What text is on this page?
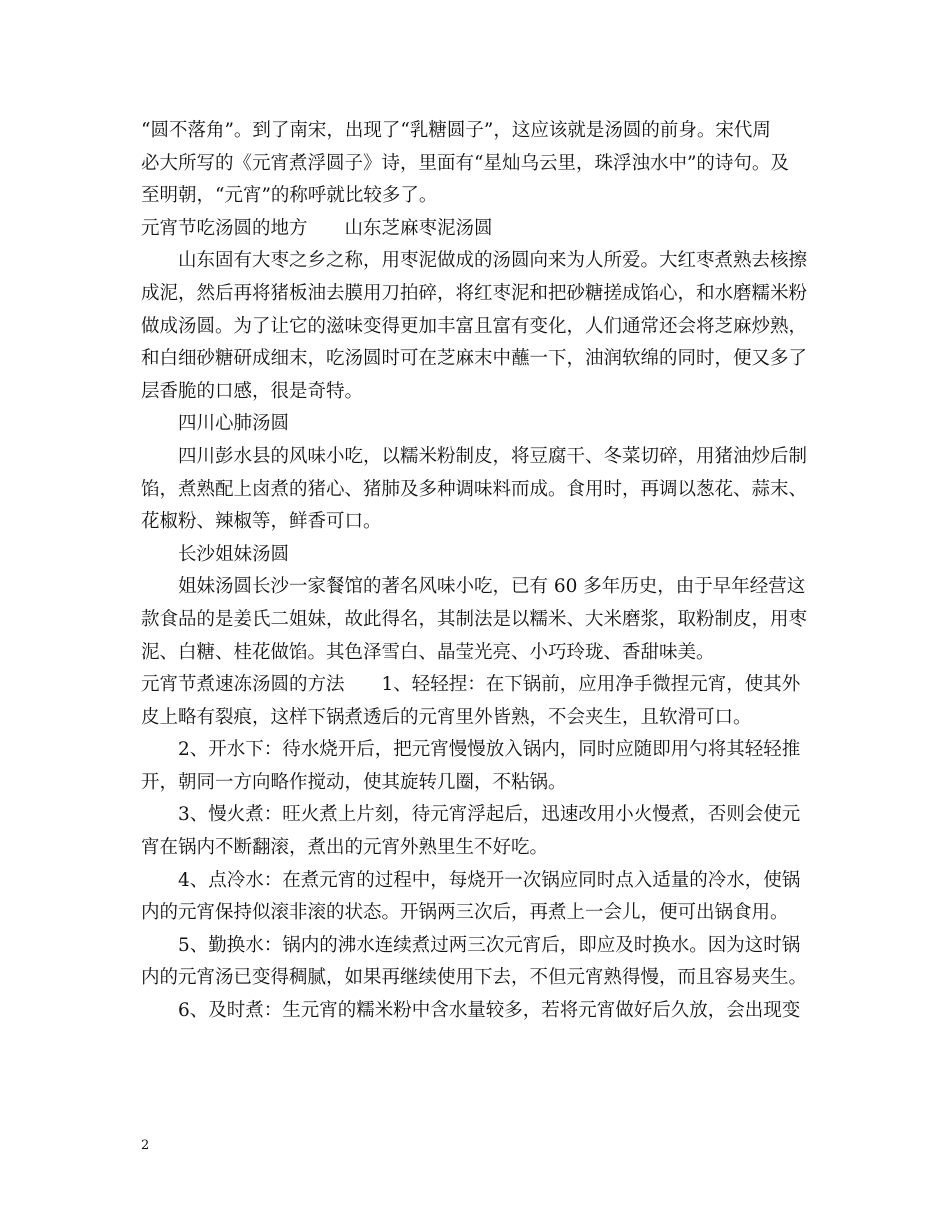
“圆不落角”。到了南宋，出现了“乳糖圆子”，这应该就是汤圆的前身。宋代周

必大所写的《元宵煮浮圆子》诗，里面有“星灿乌云里，珠浮浊水中”的诗句。及

至明朝，“元宵”的称呼就比较多了。

元宵节吃汤圆的地方　　山东芝麻枣泥汤圆

山东固有大枣之乡之称，用枣泥做成的汤圆向来为人所爱。大红枣煮熟去核擦

成泥，然后再将猪板油去膜用刀拍碎，将红枣泥和把砂糖搓成馅心，和水磨糯米粉

做成汤圆。为了让它的滋味变得更加丰富且富有变化，人们通常还会将芝麻炒熟，

和白细砂糖研成细末，吃汤圆时可在芝麻末中蘸一下，油润软绵的同时，便又多了

层香脆的口感，很是奇特。

四川心肺汤圆

四川彭水县的风味小吃，以糯米粉制皮，将豆腐干、冬菜切碎，用猪油炒后制

馅，煮熟配上卤煮的猪心、猪肺及多种调味料而成。食用时，再调以葱花、蒜末、

花椒粉、辣椒等，鲜香可口。

长沙姐妹汤圆

姐妹汤圆长沙一家餐馆的著名风味小吃，已有 60 多年历史，由于早年经营这

款食品的是姜氏二姐妹，故此得名，其制法是以糯米、大米磨浆，取粉制皮，用枣

泥、白糖、桂花做馅。其色泽雪白、晶莹光亮、小巧玲珑、香甜味美。

元宵节煮速冻汤圆的方法　　1、轻轻捏：在下锅前，应用净手微捏元宵，使其外

皮上略有裂痕，这样下锅煮透后的元宵里外皆熟，不会夹生，且软滑可口。

2、开水下：待水烧开后，把元宵慢慢放入锅内，同时应随即用勺将其轻轻推

开，朝同一方向略作搅动，使其旋转几圈，不粘锅。

3、慢火煮：旺火煮上片刻，待元宵浮起后，迅速改用小火慢煮，否则会使元

宵在锅内不断翻滚，煮出的元宵外熟里生不好吃。

4、点冷水：在煮元宵的过程中，每烧开一次锅应同时点入适量的冷水，使锅

内的元宵保持似滚非滚的状态。开锅两三次后，再煮上一会儿，便可出锅食用。

5、勤换水：锅内的沸水连续煮过两三次元宵后，即应及时换水。因为这时锅

内的元宵汤已变得稠腻，如果再继续使用下去，不但元宵熟得慢，而且容易夹生。

6、及时煮：生元宵的糯米粉中含水量较多，若将元宵做好后久放，会出现变

2
